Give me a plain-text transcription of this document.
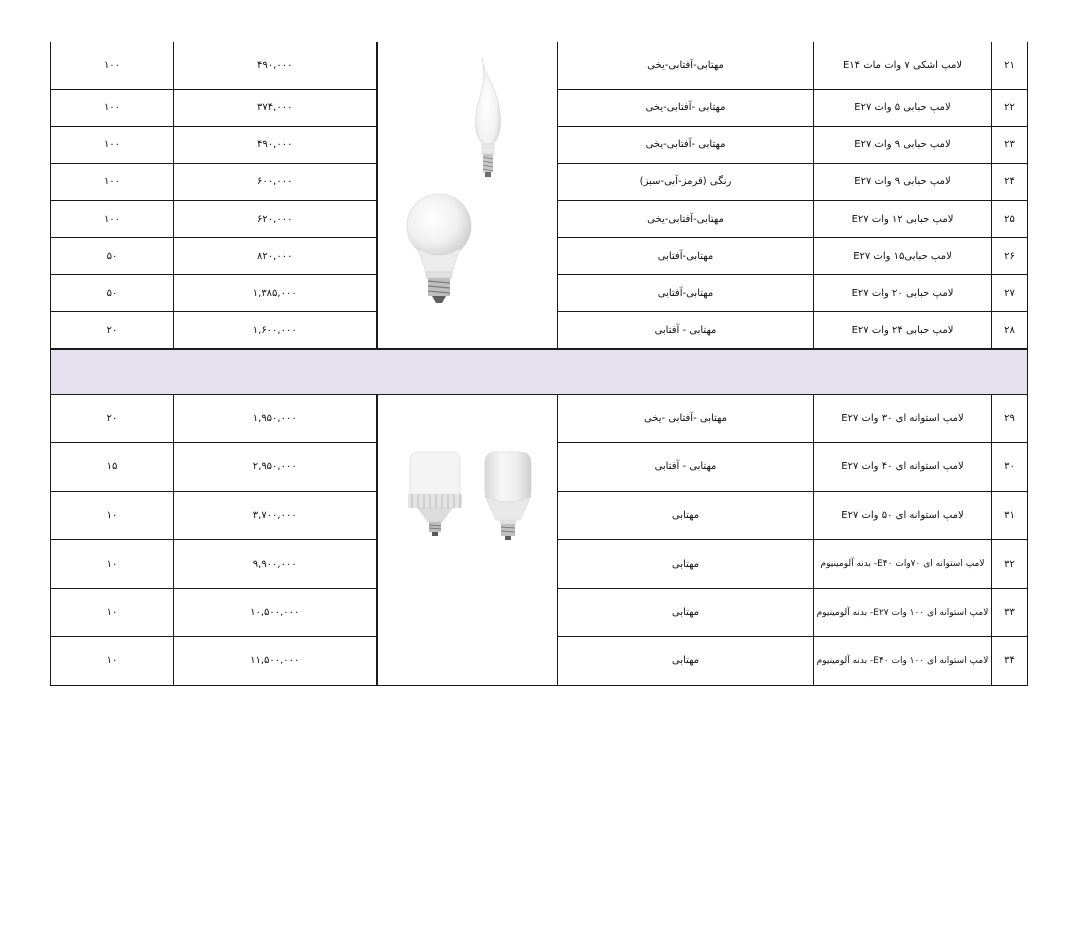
۱۰۰	۴۹۰,۰۰۰		مهتابی-آفتابی-یخی	لامپ اشکی ۷ وات مات E۱۴	۲۱
۱۰۰	۳۷۴,۰۰۰		مهتابی -آفتابی-یخی	لامپ حبابی ۵ وات E۲۷	۲۲
۱۰۰	۴۹۰,۰۰۰		مهتابی -آفتابی-یخی	لامپ حبابی ۹ وات E۲۷	۲۳
۱۰۰	۶۰۰,۰۰۰		رنگی (قرمز-آبی-سبز)	لامپ حبابی ۹ وات E۲۷	۲۴
۱۰۰	۶۲۰,۰۰۰		مهتابی-آفتابی-یخی	لامپ حبابی ۱۲ وات E۲۷	۲۵
۵۰	۸۲۰,۰۰۰		مهتابی-آفتابی	لامپ حبابی۱۵ وات E۲۷	۲۶
۵۰	۱,۳۸۵,۰۰۰		مهتابی-آفتابی	لامپ حبابی ۲۰ وات E۲۷	۲۷
۲۰	۱,۶۰۰,۰۰۰		مهتابی - آفتابی	لامپ حبابی ۲۴ وات E۲۷	۲۸

۲۰	۱,۹۵۰,۰۰۰		مهتابی -آفتابی -یخی	لامپ استوانه ای ۳۰ وات E۲۷	۲۹
۱۵	۲,۹۵۰,۰۰۰		مهتابی - آفتابی	لامپ استوانه ای ۴۰ وات E۲۷	۳۰
۱۰	۳,۷۰۰,۰۰۰		مهتابی	لامپ استوانه ای ۵۰ وات E۲۷	۳۱
۱۰	۹,۹۰۰,۰۰۰		مهتابی	لامپ استوانه ای ۷۰وات E۴۰- بدنه آلومینیوم	۳۲
۱۰	۱۰,۵۰۰,۰۰۰		مهتابی	لامپ استوانه ای ۱۰۰ وات E۲۷- بدنه آلومینیوم	۳۳
۱۰	۱۱,۵۰۰,۰۰۰		مهتابی	لامپ استوانه ای ۱۰۰ وات E۴۰- بدنه آلومینیوم	۳۴
